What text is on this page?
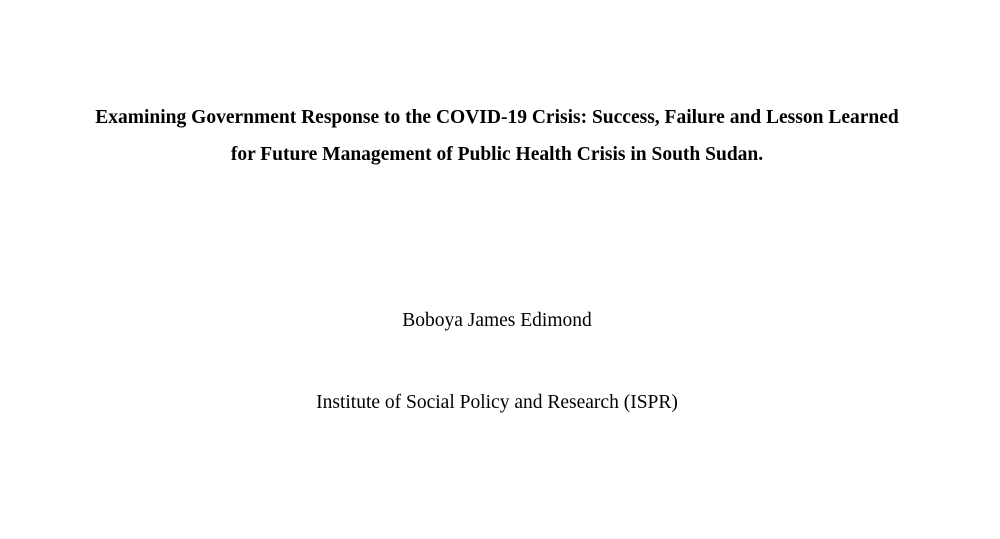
Examining Government Response to the COVID-19 Crisis: Success, Failure and Lesson Learned
for Future Management of Public Health Crisis in South Sudan.

Boboya James Edimond

Institute of Social Policy and Research (ISPR)
